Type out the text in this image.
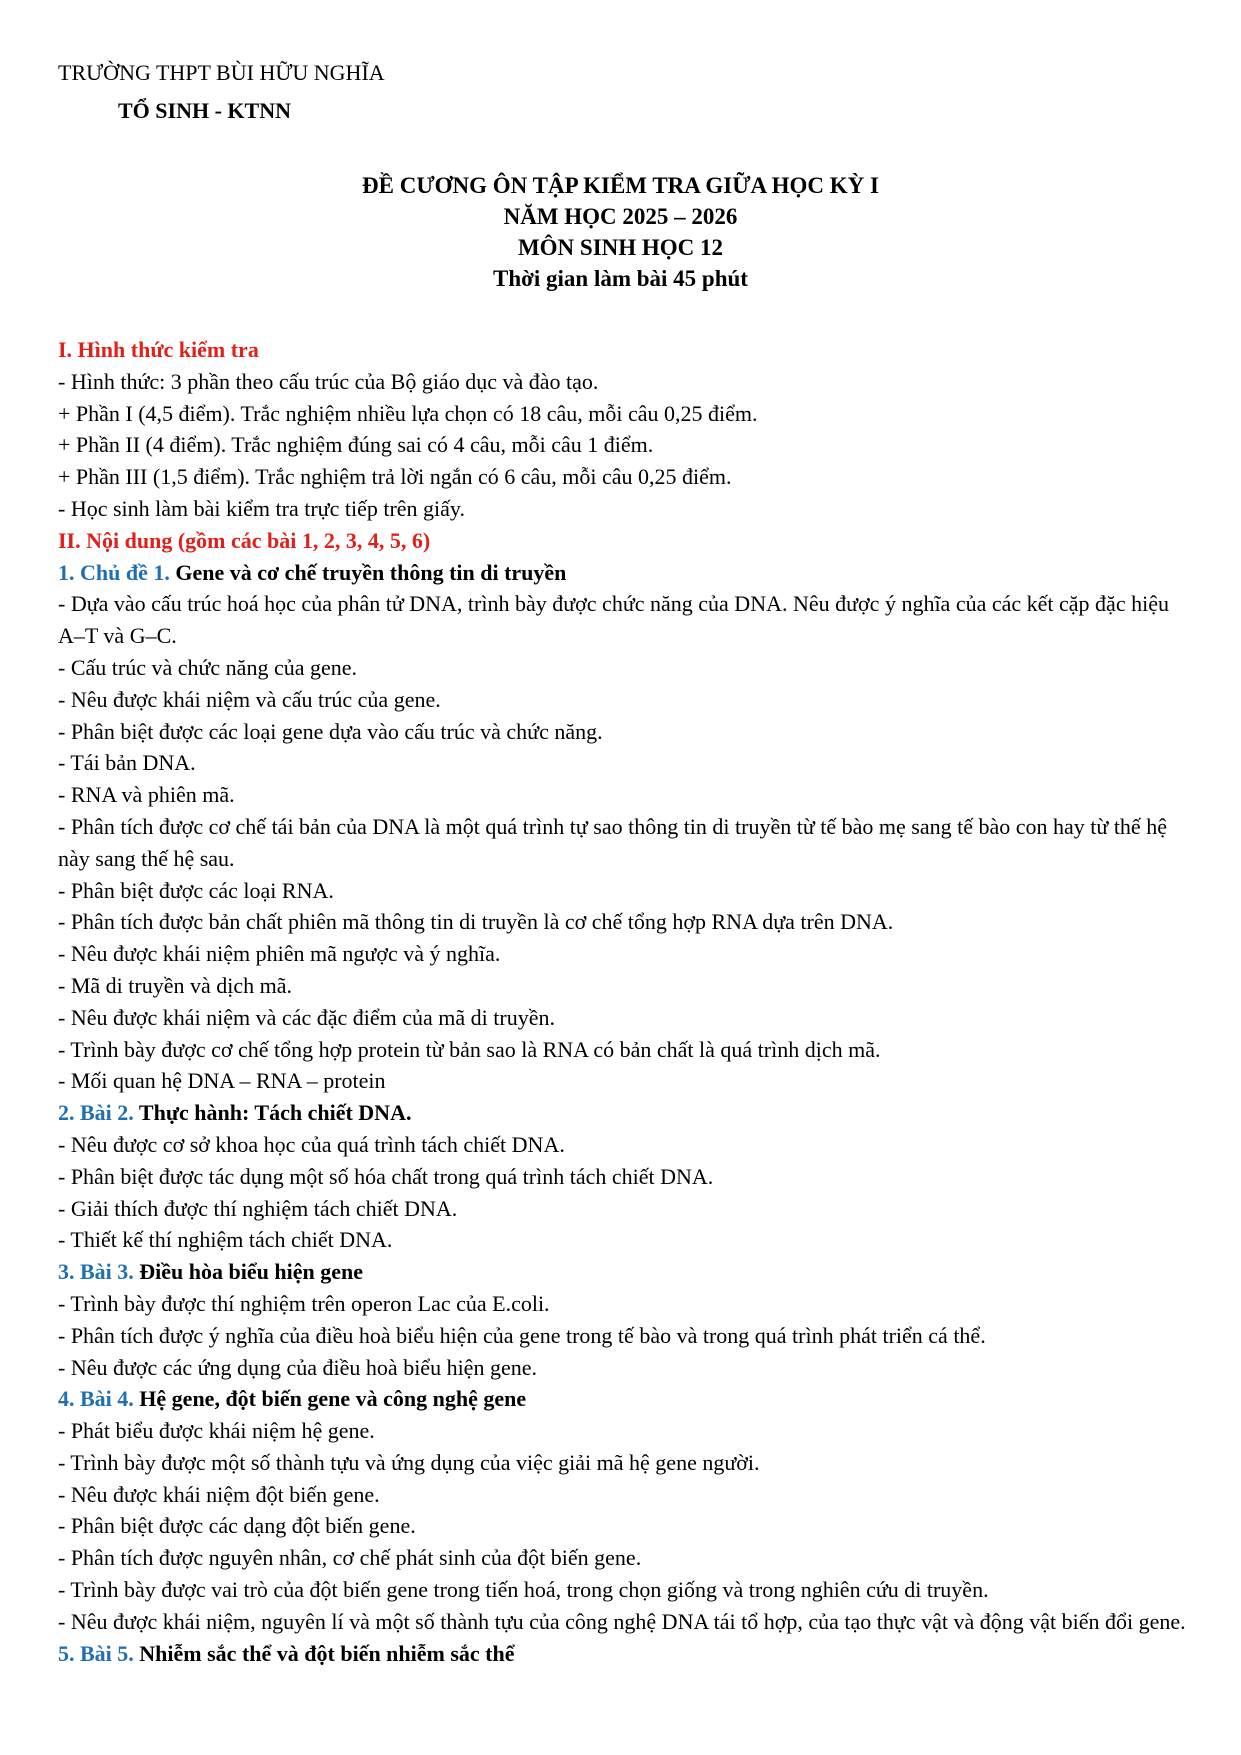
TRƯỜNG THPT BÙI HỮU NGHĨA
TỔ SINH - KTNN
ĐỀ CƯƠNG ÔN TẬP KIỂM TRA GIỮA HỌC KỲ I
NĂM HỌC 2025 – 2026
MÔN SINH HỌC 12
Thời gian làm bài 45 phút
I. Hình thức kiểm tra
- Hình thức: 3 phần theo cấu trúc của Bộ giáo dục và đào tạo.
+ Phần I (4,5 điểm). Trắc nghiệm nhiều lựa chọn có 18 câu, mỗi câu 0,25 điểm.
+ Phần II (4 điểm). Trắc nghiệm đúng sai có 4 câu, mỗi câu 1 điểm.
+ Phần III (1,5 điểm). Trắc nghiệm trả lời ngắn có 6 câu, mỗi câu 0,25 điểm.
- Học sinh làm bài kiểm tra trực tiếp trên giấy.
II. Nội dung (gồm các bài 1, 2, 3, 4, 5, 6)
1. Chủ đề 1. Gene và cơ chế truyền thông tin di truyền
- Dựa vào cấu trúc hoá học của phân tử DNA, trình bày được chức năng của DNA. Nêu được ý nghĩa của các kết cặp đặc hiệu A–T và G–C.
- Cấu trúc và chức năng của gene.
- Nêu được khái niệm và cấu trúc của gene.
- Phân biệt được các loại gene dựa vào cấu trúc và chức năng.
- Tái bản DNA.
- RNA và phiên mã.
- Phân tích được cơ chế tái bản của DNA là một quá trình tự sao thông tin di truyền từ tế bào mẹ sang tế bào con hay từ thế hệ này sang thế hệ sau.
- Phân biệt được các loại RNA.
- Phân tích được bản chất phiên mã thông tin di truyền là cơ chế tổng hợp RNA dựa trên DNA.
- Nêu được khái niệm phiên mã ngược và ý nghĩa.
- Mã di truyền và dịch mã.
- Nêu được khái niệm và các đặc điểm của mã di truyền.
- Trình bày được cơ chế tổng hợp protein từ bản sao là RNA có bản chất là quá trình dịch mã.
- Mối quan hệ DNA – RNA – protein
2. Bài 2. Thực hành: Tách chiết DNA.
- Nêu được cơ sở khoa học của quá trình tách chiết DNA.
- Phân biệt được tác dụng một số hóa chất trong quá trình tách chiết DNA.
- Giải thích được thí nghiệm tách chiết DNA.
- Thiết kế thí nghiệm tách chiết DNA.
3. Bài 3. Điều hòa biểu hiện gene
- Trình bày được thí nghiệm trên operon Lac của E.coli.
- Phân tích được ý nghĩa của điều hoà biểu hiện của gene trong tế bào và trong quá trình phát triển cá thể.
- Nêu được các ứng dụng của điều hoà biểu hiện gene.
4. Bài 4. Hệ gene, đột biến gene và công nghệ gene
- Phát biểu được khái niệm hệ gene.
- Trình bày được một số thành tựu và ứng dụng của việc giải mã hệ gene người.
- Nêu được khái niệm đột biến gene.
- Phân biệt được các dạng đột biến gene.
- Phân tích được nguyên nhân, cơ chế phát sinh của đột biến gene.
- Trình bày được vai trò của đột biến gene trong tiến hoá, trong chọn giống và trong nghiên cứu di truyền.
- Nêu được khái niệm, nguyên lí và một số thành tựu của công nghệ DNA tái tổ hợp, của tạo thực vật và động vật biến đổi gene.
5. Bài 5. Nhiễm sắc thể và đột biến nhiễm sắc thể
